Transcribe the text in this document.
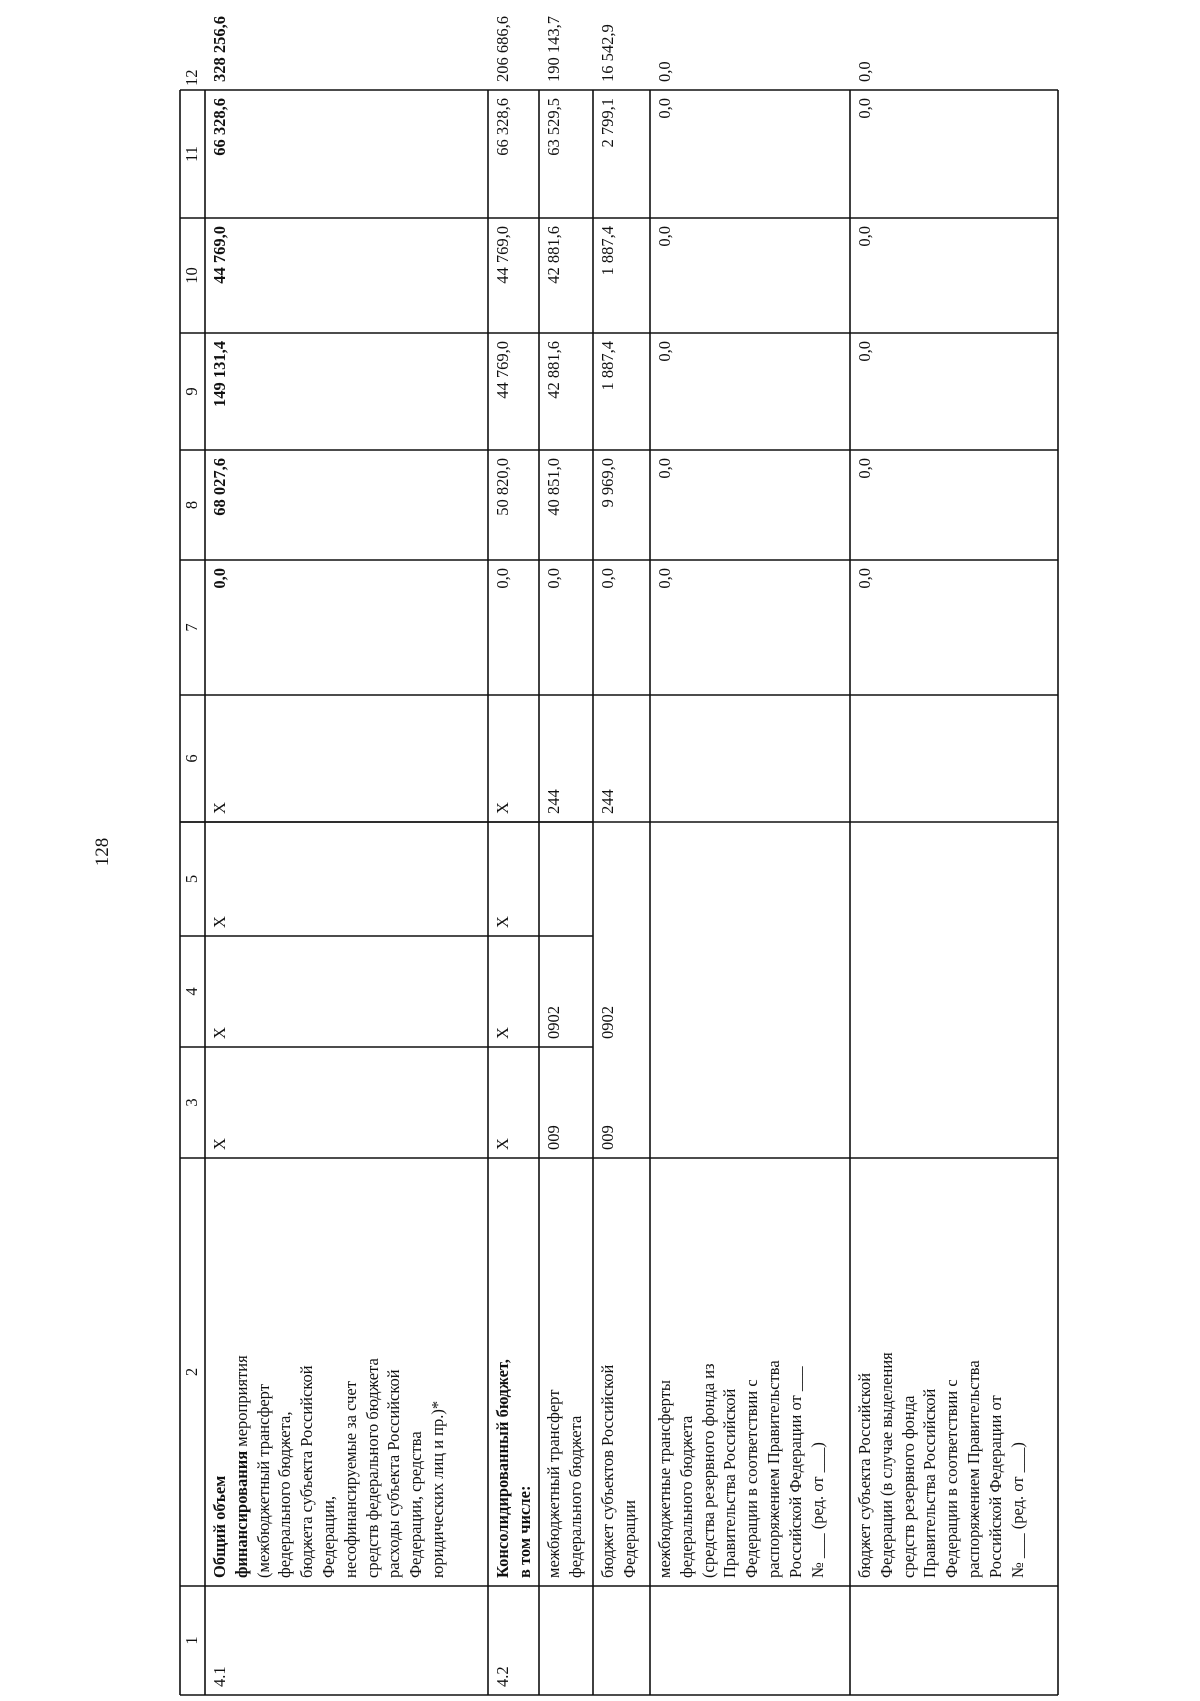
128
1
2
3
4
5
6
7
8
9
10
11
12
4.1
Общий объем финансирования мероприятия (межбюджетный трансферт федерального бюджета, бюджета субъекта Российской Федерации, несофинансируемые за счет средств федерального бюджета расходы субъекта Российской Федерации, средства юридических лиц и пр.)*
X
X
X
X
0,0
68 027,6
149 131,4
44 769,0
66 328,6
328 256,6
4.2
Консолидированный бюджет, в том числе:
X
X
X
X
0,0
50 820,0
44 769,0
44 769,0
66 328,6
206 686,6
межбюджетный трансферт федерального бюджета
009
0902
244
0,0
40 851,0
42 881,6
42 881,6
63 529,5
190 143,7
бюджет субъектов Российской Федерации
009
0902
244
0,0
9 969,0
1 887,4
1 887,4
2 799,1
16 542,9
межбюджетные трансферты федерального бюджета (средства резервного фонда из Правительства Российской Федерации в соответствии с распоряжением Правительства Российской Федерации от ___ № ___ (ред. от ___)
0,0
0,0
0,0
0,0
0,0
0,0
бюджет субъекта Российской Федерации (в случае выделения средств резервного фонда Правительства Российской Федерации в соответствии с распоряжением Правительства Российской Федерации от № ___ (ред. от ___)
0,0
0,0
0,0
0,0
0,0
0,0
